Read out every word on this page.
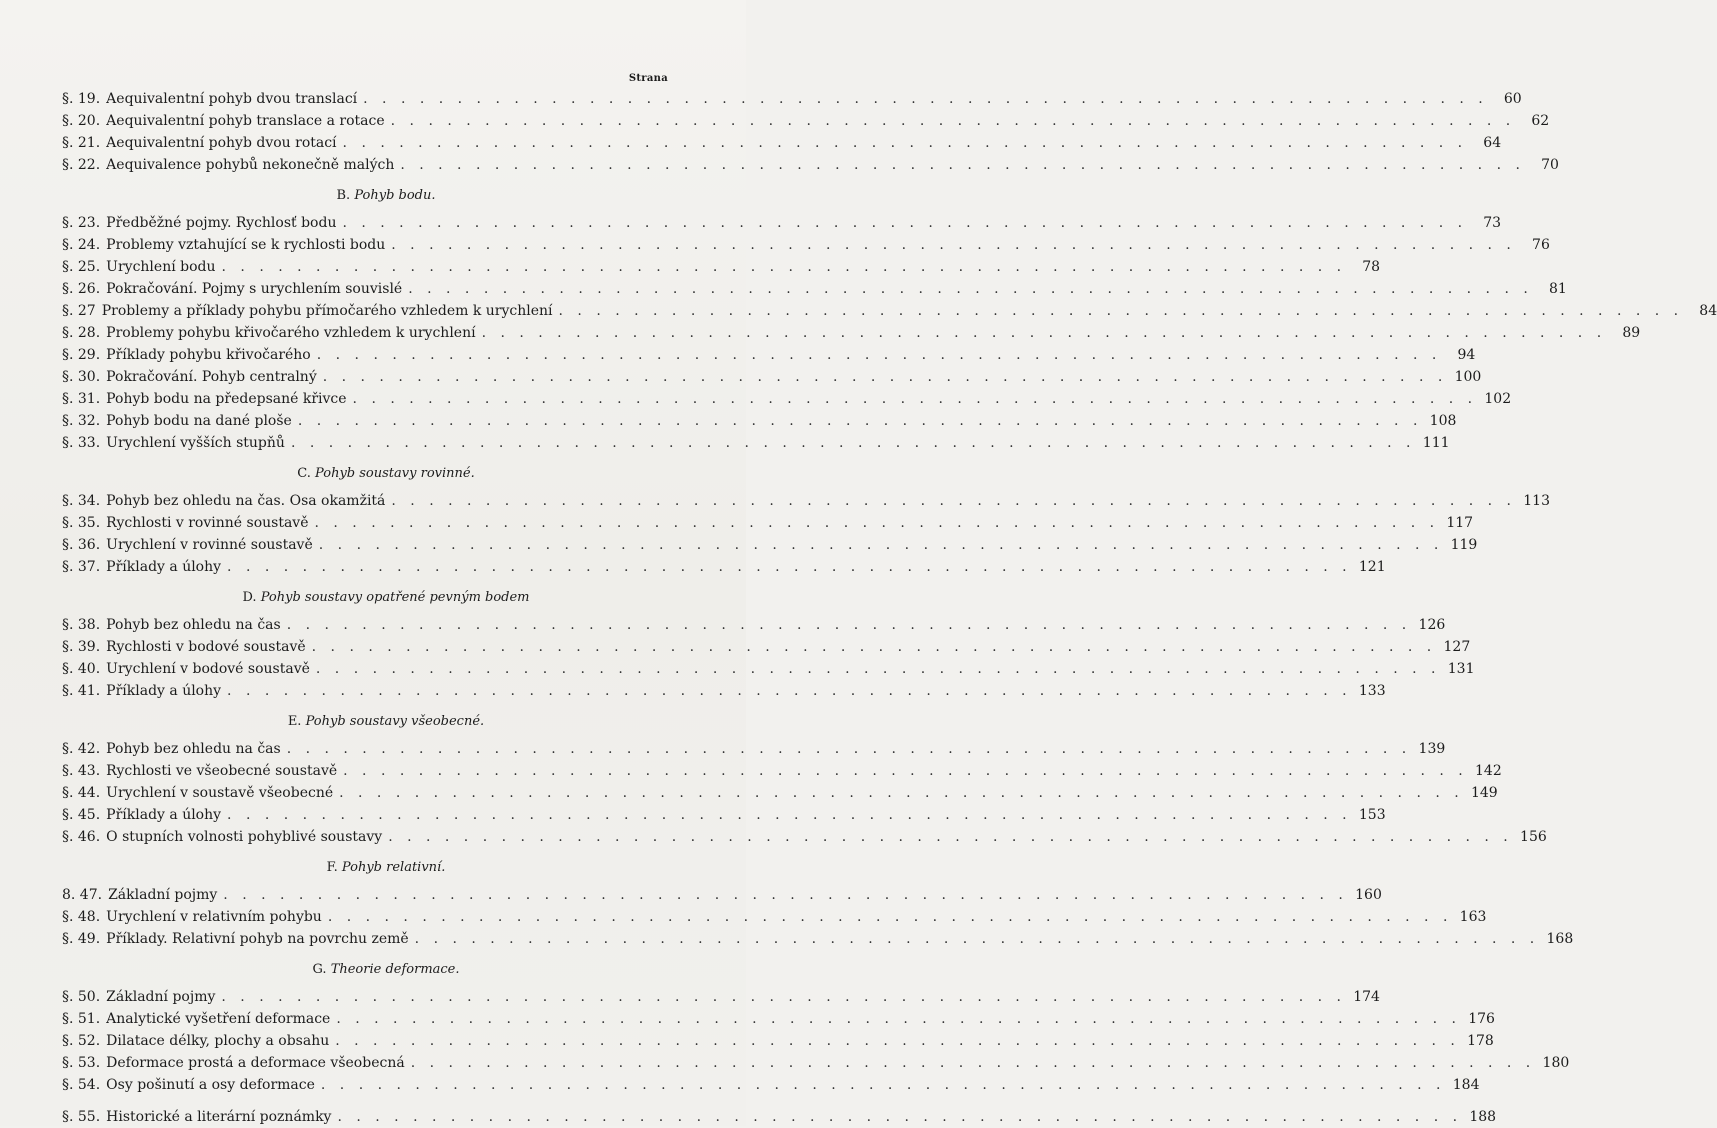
Strana
§. 19. Aequivalentní pohyb dvou translací . . .	60
§. 20. Aequivalentní pohyb translace a rotace . . .	62
§. 21. Aequivalentní pohyb dvou rotací . . .	64
§. 22. Aequivalence pohybů nekonečně malých . . .	70
B. Pohyb bodu.
§. 23. Předběžné pojmy. Rychlosť bodu . . .	73
§. 24. Problemy vztahující se k rychlosti bodu . . .	76
§. 25. Urychlení bodu . . .	78
§. 26. Pokračování. Pojmy s urychlením souvislé . . .	81
§. 27 Problemy a příklady pohybu přímočarého vzhledem k urychlení . . .	84
§. 28. Problemy pohybu křivočarého vzhledem k urychlení . . .	89
§. 29. Příklady pohybu křivočarého . . .	94
§. 30. Pokračování. Pohyb centralný . . .	100
§. 31. Pohyb bodu na předepsané křivce . . .	102
§. 32. Pohyb bodu na dané ploše . . .	108
§. 33. Urychlení vyšších stupňů . . .	111
C. Pohyb soustavy rovinné.
§. 34. Pohyb bez ohledu na čas. Osa okamžitá . . .	113
§. 35. Rychlosti v rovinné soustavě . . .	117
§. 36. Urychlení v rovinné soustavě . . .	119
§. 37. Příklady a úlohy . . .	121
D. Pohyb soustavy opatřené pevným bodem
§. 38. Pohyb bez ohledu na čas . . .	126
§. 39. Rychlosti v bodové soustavě . . .	127
§. 40. Urychlení v bodové soustavě . . .	131
§. 41. Příklady a úlohy . . .	133
E. Pohyb soustavy všeobecné.
§. 42. Pohyb bez ohledu na čas . . .	139
§. 43. Rychlosti ve všeobecné soustavě . . .	142
§. 44. Urychlení v soustavě všeobecné . . .	149
§. 45. Příklady a úlohy . . .	153
§. 46. O stupních volnosti pohyblivé soustavy . . .	156
F. Pohyb relativní.
8. 47. Základní pojmy . . .	160
§. 48. Urychlení v relativním pohybu . . .	163
§. 49. Příklady. Relativní pohyb na povrchu země . . .	168
G. Theorie deformace.
§. 50. Základní pojmy . . .	174
§. 51. Analytické vyšetření deformace . . .	176
§. 52. Dilatace délky, plochy a obsahu . . .	178
§. 53. Deformace prostá a deformace všeobecná . . .	180
§. 54. Osy pošinutí a osy deformace . . .	184
§. 55. Historické a literární poznámky . . .	188
